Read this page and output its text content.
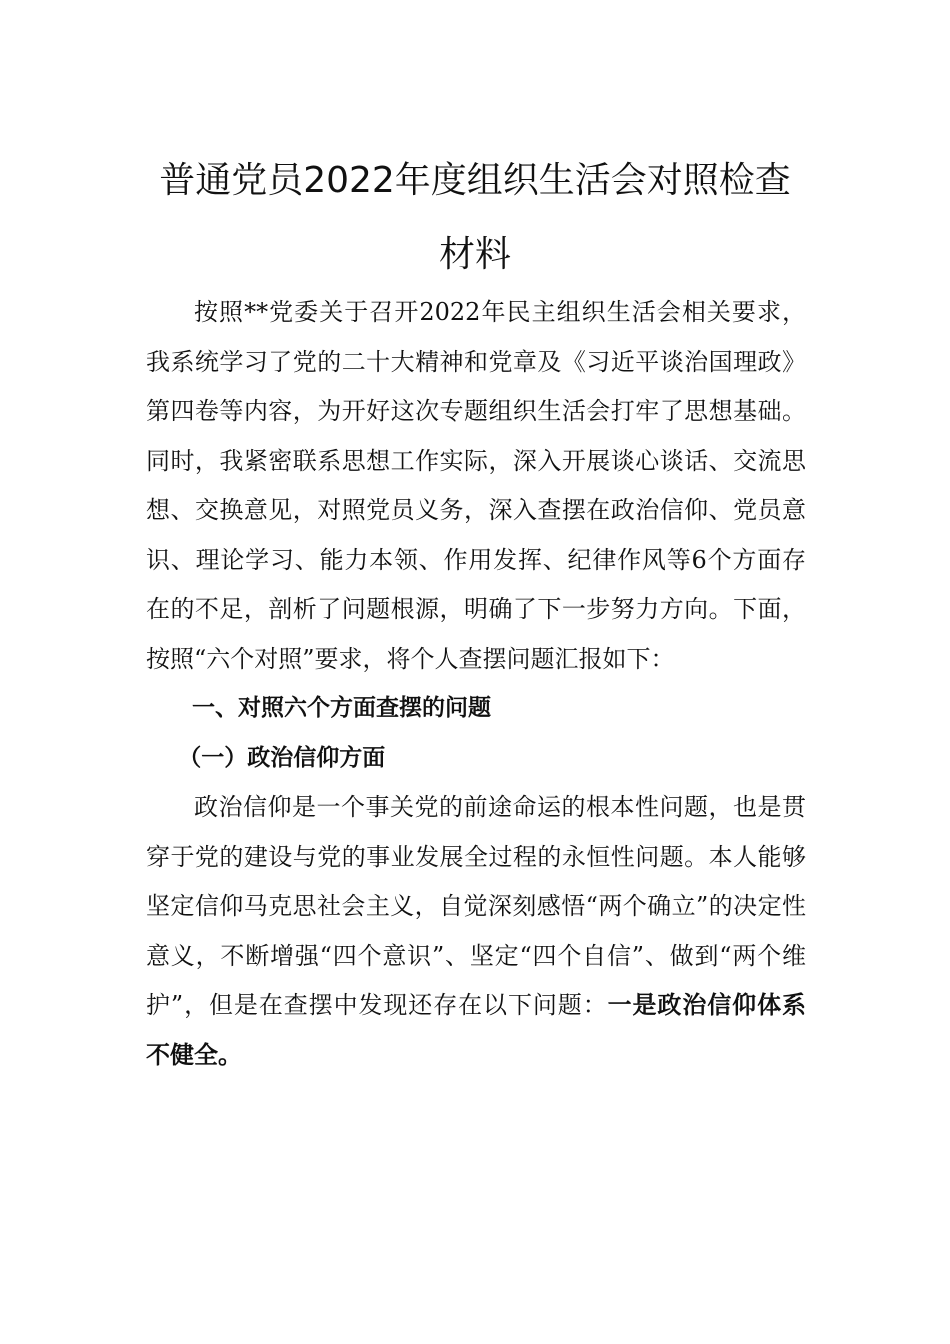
普通党员2022年度组织生活会对照检查
材料

按照**党委关于召开2022年民主组织生活会相关要求，我系统学习了党的二十大精神和党章及《习近平谈治国理政》第四卷等内容，为开好这次专题组织生活会打牢了思想基础。同时，我紧密联系思想工作实际，深入开展谈心谈话、交流思想、交换意见，对照党员义务，深入查摆在政治信仰、党员意识、理论学习、能力本领、作用发挥、纪律作风等6个方面存在的不足，剖析了问题根源，明确了下一步努力方向。下面，按照“六个对照”要求，将个人查摆问题汇报如下：

一、对照六个方面查摆的问题

（一）政治信仰方面

政治信仰是一个事关党的前途命运的根本性问题，也是贯穿于党的建设与党的事业发展全过程的永恒性问题。本人能够坚定信仰马克思社会主义，自觉深刻感悟“两个确立”的决定性意义，不断增强“四个意识”、坚定“四个自信”、做到“两个维护”，但是在查摆中发现还存在以下问题：一是政治信仰体系不健全。
